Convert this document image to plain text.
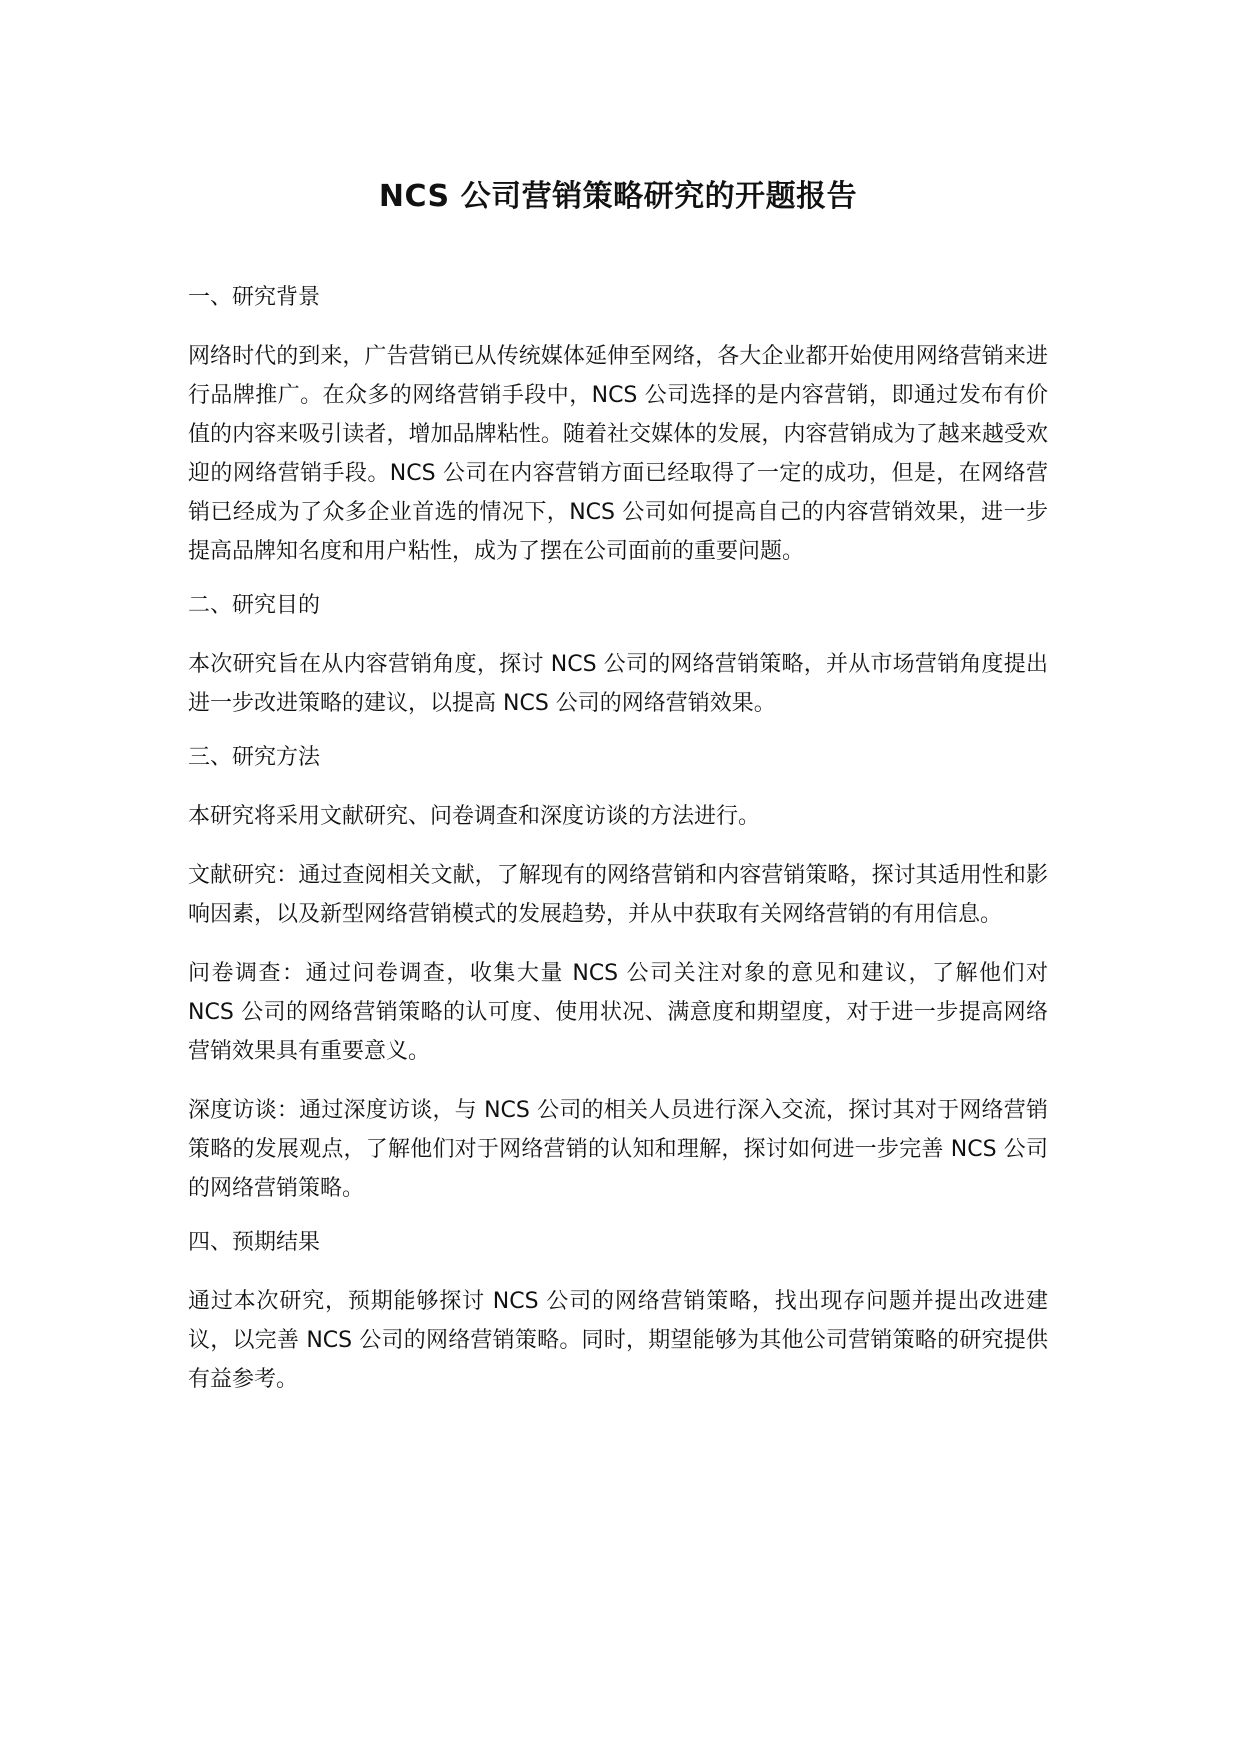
NCS 公司营销策略研究的开题报告
一、研究背景

网络时代的到来，广告营销已从传统媒体延伸至网络，各大企业都开始使用网络营销来进行品牌推广。在众多的网络营销手段中，NCS 公司选择的是内容营销，即通过发布有价值的内容来吸引读者，增加品牌粘性。随着社交媒体的发展，内容营销成为了越来越受欢迎的网络营销手段。NCS 公司在内容营销方面已经取得了一定的成功，但是，在网络营销已经成为了众多企业首选的情况下，NCS 公司如何提高自己的内容营销效果，进一步提高品牌知名度和用户粘性，成为了摆在公司面前的重要问题。

二、研究目的

本次研究旨在从内容营销角度，探讨 NCS 公司的网络营销策略，并从市场营销角度提出进一步改进策略的建议，以提高 NCS 公司的网络营销效果。

三、研究方法

本研究将采用文献研究、问卷调查和深度访谈的方法进行。

文献研究：通过查阅相关文献，了解现有的网络营销和内容营销策略，探讨其适用性和影响因素，以及新型网络营销模式的发展趋势，并从中获取有关网络营销的有用信息。

问卷调查：通过问卷调查，收集大量 NCS 公司关注对象的意见和建议，了解他们对 NCS 公司的网络营销策略的认可度、使用状况、满意度和期望度，对于进一步提高网络营销效果具有重要意义。

深度访谈：通过深度访谈，与 NCS 公司的相关人员进行深入交流，探讨其对于网络营销策略的发展观点，了解他们对于网络营销的认知和理解，探讨如何进一步完善 NCS 公司的网络营销策略。

四、预期结果

通过本次研究，预期能够探讨 NCS 公司的网络营销策略，找出现存问题并提出改进建议，以完善 NCS 公司的网络营销策略。同时，期望能够为其他公司营销策略的研究提供有益参考。
